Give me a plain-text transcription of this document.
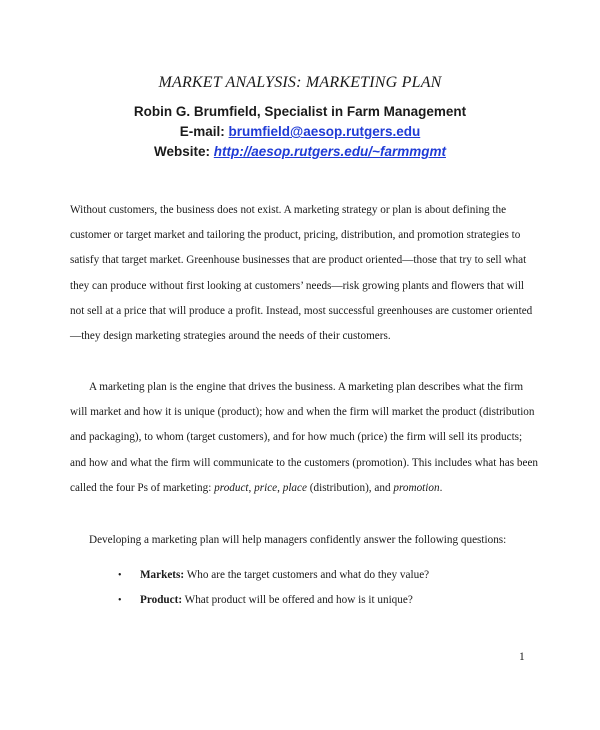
MARKET ANALYSIS: MARKETING PLAN
Robin G. Brumfield, Specialist in Farm Management
E-mail: brumfield@aesop.rutgers.edu
Website: http://aesop.rutgers.edu/~farmmgmt

Without customers, the business does not exist. A marketing strategy or plan is about defining the customer or target market and tailoring the product, pricing, distribution, and promotion strategies to satisfy that target market. Greenhouse businesses that are product oriented—those that try to sell what they can produce without first looking at customers’ needs—risk growing plants and flowers that will not sell at a price that will produce a profit. Instead, most successful greenhouses are customer oriented—they design marketing strategies around the needs of their customers.

A marketing plan is the engine that drives the business. A marketing plan describes what the firm will market and how it is unique (product); how and when the firm will market the product (distribution and packaging), to whom (target customers), and for how much (price) the firm will sell its products; and how and what the firm will communicate to the customers (promotion). This includes what has been called the four Ps of marketing: product, price, place (distribution), and promotion.

Developing a marketing plan will help managers confidently answer the following questions:

• Markets: Who are the target customers and what do they value?
• Product: What product will be offered and how is it unique?
1
